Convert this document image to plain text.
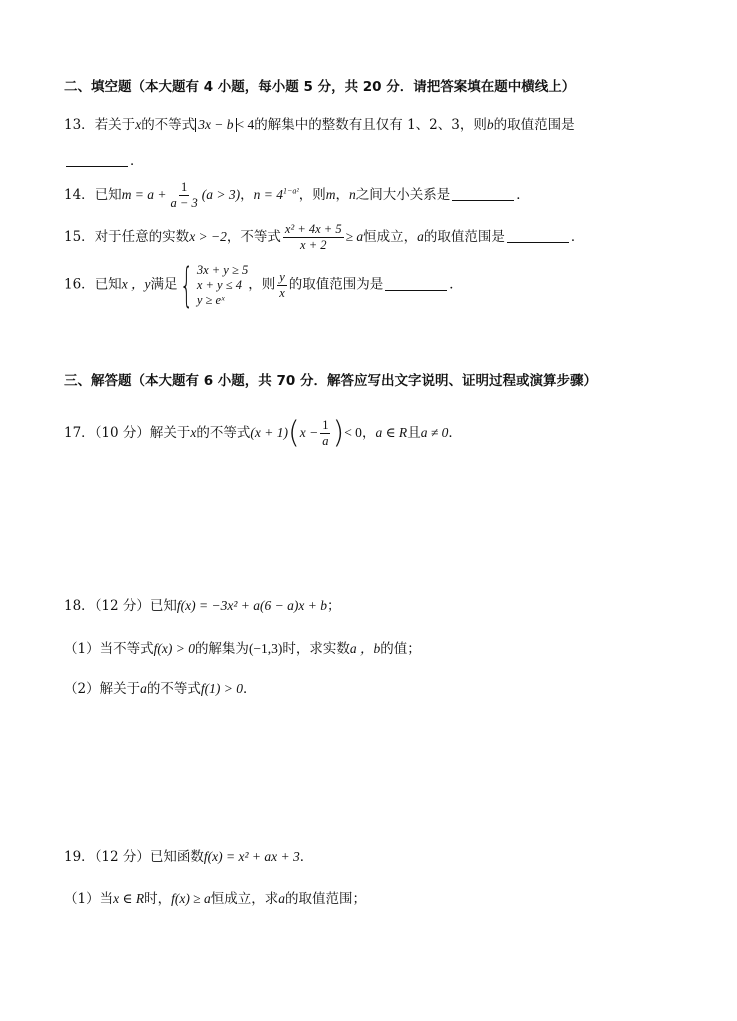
二、填空题（本大题有 4 小题，每小题 5 分，共 20 分．请把答案填在题中横线上）
13．若关于x的不等式 3x − b < 4的解集中的整数有且仅有 1、2、3，则b的取值范围是
．
14．已知$m = a + \frac{1}{a - 3} (a > 3)$，$n = 4^{1-a^2}$，则m，n之间大小关系是	．
15．对于任意的实数x > −2，不等式 $\frac{\text{x² + 4x + 5}}{x + 2} \ge a$恒成立，a的取值范围是	．
16．已知x ，y满足 { 3x + y ≥ 5
x + y ≤ 4
y ≥ eˣ
，则 $\frac{y}{x}$ 的取值范围为是	．
三、解答题（本大题有 6 小题，共 70 分．解答应写出文字说明、证明过程或演算步骤）
17．（10 分）解关于x的不等式$(x + 1)(x - \frac{1}{a}$ )< 0，a ∈ R且a ≠ 0．
18．（12 分）已知f(x) = −3x² + a(6 − a)x + b；
（1）当不等式f(x) > 0的解集为(−1,3)时，求实数a ，b的值；
（2）解关于a的不等式f(1) > 0．
19．（12 分）已知函数f(x) = x² + ax + 3．
（1）当x ∈ R时，f(x) ≥ a恒成立，求a的取值范围；
